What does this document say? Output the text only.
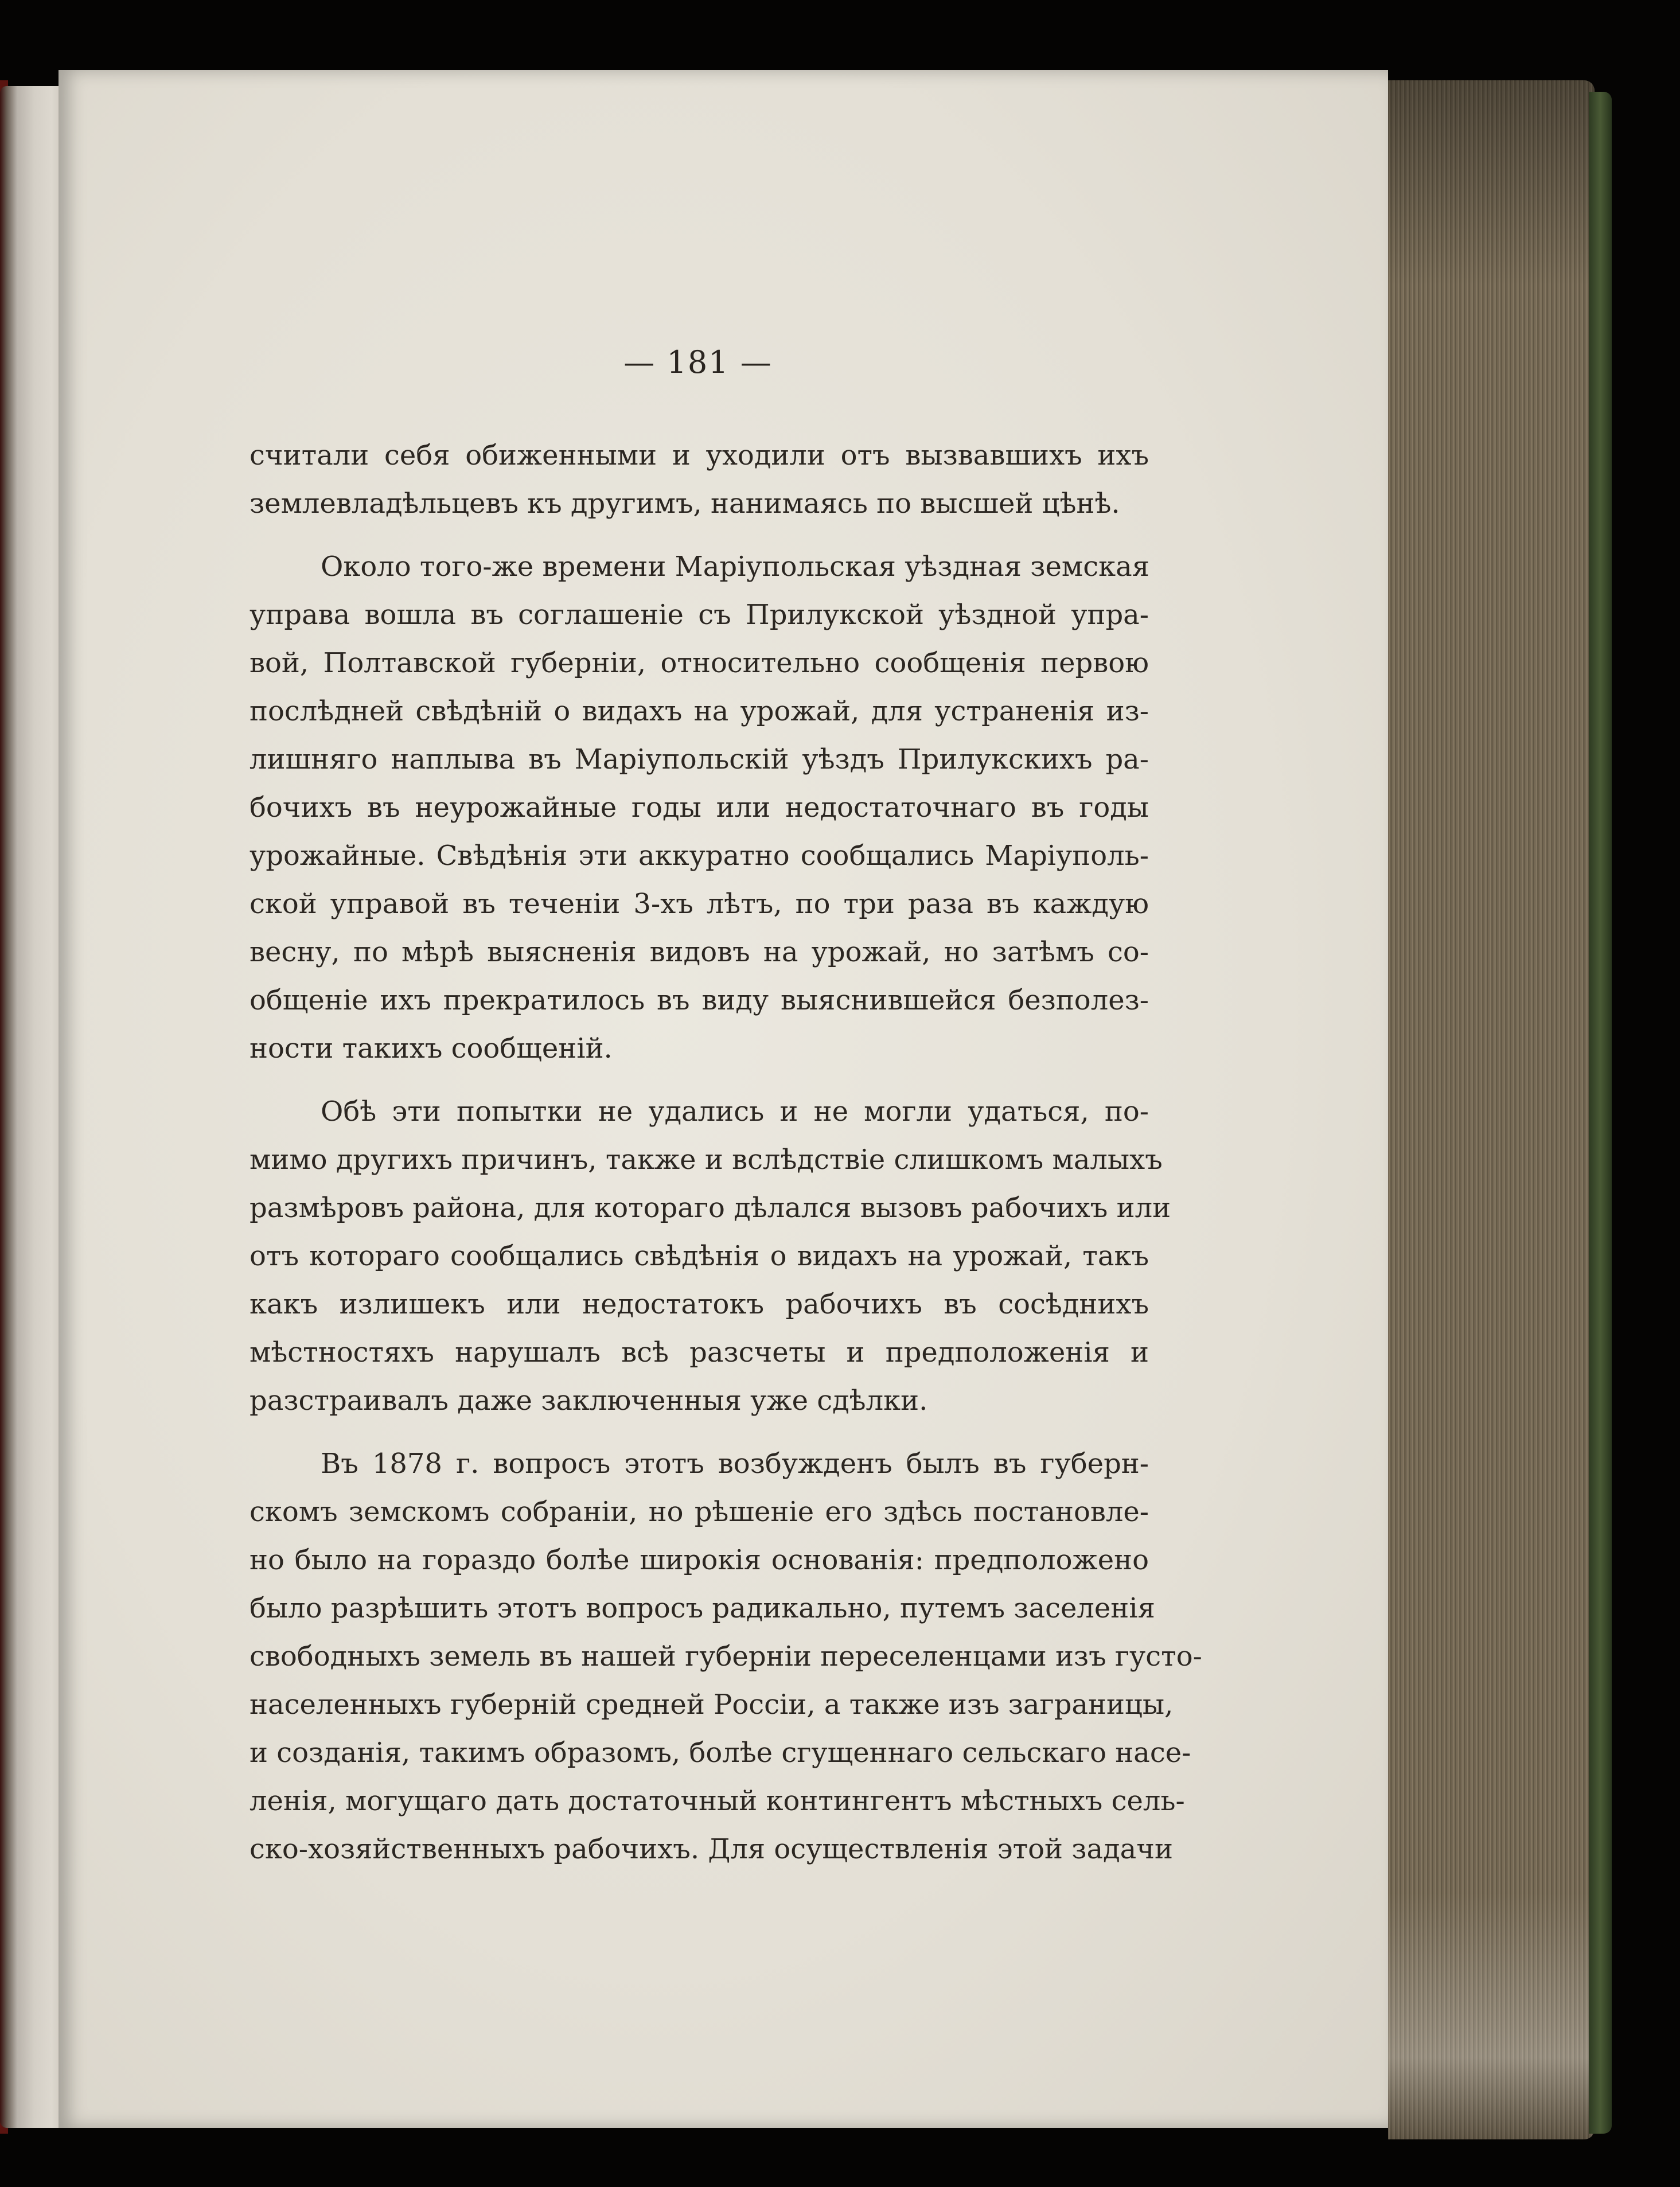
— 181 —
считали себя обиженными и уходили отъ вызвавшихъ ихъ
землевладѣльцевъ къ другимъ, нанимаясь по высшей цѣнѣ.
Около того-же времени Маріупольская уѣздная земская
управа вошла въ соглашеніе съ Прилукской уѣздной упра-
вой, Полтавской губерніи, относительно сообщенія первою
послѣдней свѣдѣній о видахъ на урожай, для устраненія из-
лишняго наплыва въ Маріупольскій уѣздъ Прилукскихъ ра-
бочихъ въ неурожайные годы или недостаточнаго въ годы
урожайные. Свѣдѣнія эти аккуратно сообщались Маріуполь-
ской управой въ теченіи 3-хъ лѣтъ, по три раза въ каждую
весну, по мѣрѣ выясненія видовъ на урожай, но затѣмъ со-
общеніе ихъ прекратилось въ виду выяснившейся безполез-
ности такихъ сообщеній.
Обѣ эти попытки не удались и не могли удаться, по-
мимо другихъ причинъ, также и вслѣдствіе слишкомъ малыхъ
размѣровъ района, для котораго дѣлался вызовъ рабочихъ или
отъ котораго сообщались свѣдѣнія о видахъ на урожай, такъ
какъ излишекъ или недостатокъ рабочихъ въ сосѣднихъ
мѣстностяхъ нарушалъ всѣ разсчеты и предположенія и
разстраивалъ даже заключенныя уже сдѣлки.
Въ 1878 г. вопросъ этотъ возбужденъ былъ въ губерн-
скомъ земскомъ собраніи, но рѣшеніе его здѣсь постановле-
но было на гораздо болѣе широкія основанія: предположено
было разрѣшить этотъ вопросъ радикально, путемъ заселенія
свободныхъ земель въ нашей губерніи переселенцами изъ густо-
населенныхъ губерній средней Россіи, а также изъ заграницы,
и созданія, такимъ образомъ, болѣе сгущеннаго сельскаго насе-
ленія, могущаго дать достаточный контингентъ мѣстныхъ сель-
ско-хозяйственныхъ рабочихъ. Для осуществленія этой задачи
